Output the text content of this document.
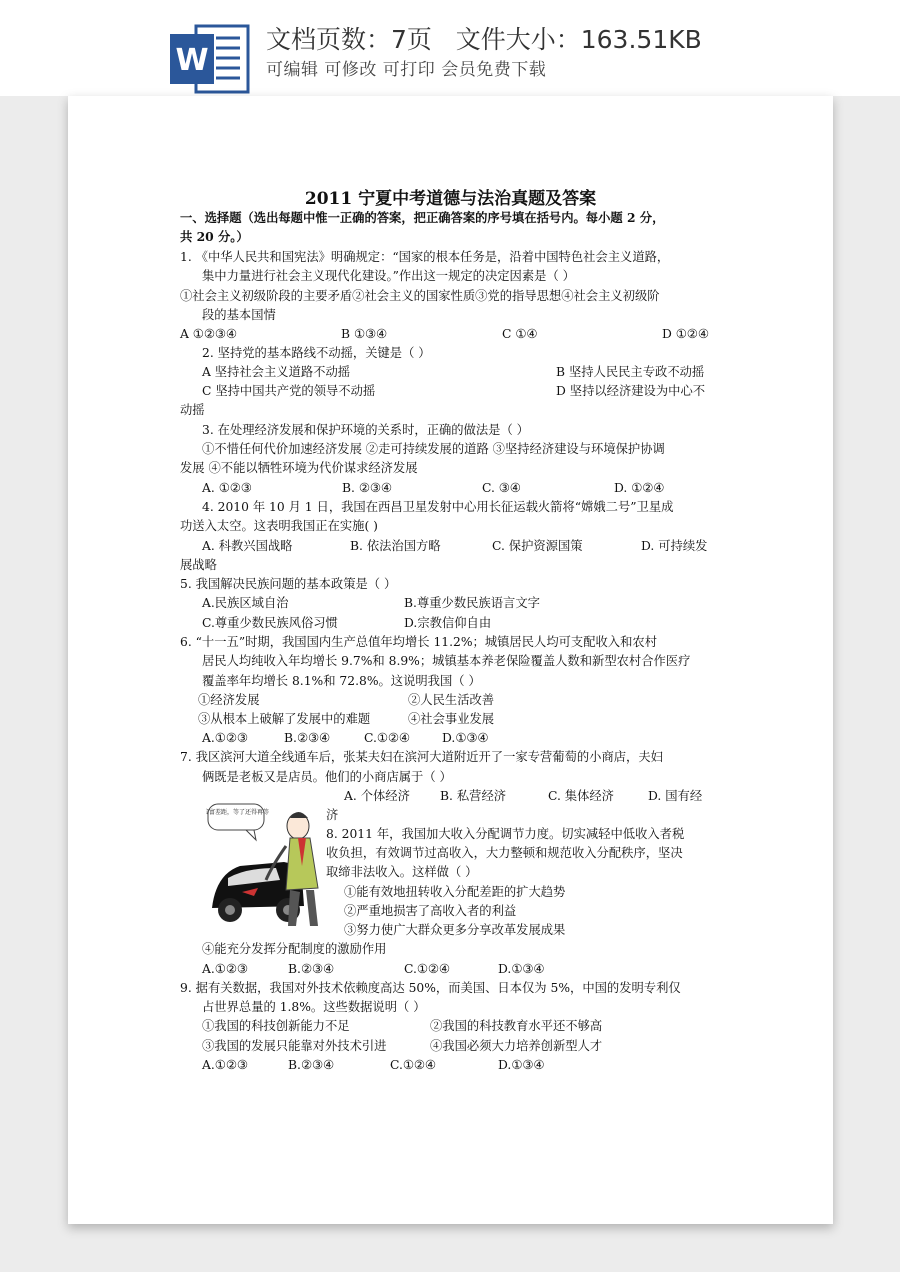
W
文档页数：7页   文件大小：163.51KB
可编辑 可修改 可打印 会员免费下载
2011 宁夏中考道德与法治真题及答案
一、选择题（选出每题中惟一正确的答案，把正确答案的序号填在括号内。每小题 2 分，
共 20 分。）
1. 《中华人民共和国宪法》明确规定：“国家的根本任务是，沿着中国特色社会主义道路，
集中力量进行社会主义现代化建设。”作出这一规定的决定因素是（ ）
①社会主义初级阶段的主要矛盾②社会主义的国家性质③党的指导思想④社会主义初级阶
段的基本国情
A ①②③④	B ①③④	C ①④	D ①②④
2. 坚持党的基本路线不动摇，关键是（ ）
A 坚持社会主义道路不动摇	B 坚持人民民主专政不动摇
C 坚持中国共产党的领导不动摇	D 坚持以经济建设为中心不
动摇
3. 在处理经济发展和保护环境的关系时，正确的做法是（ ）
①不惜任何代价加速经济发展 ②走可持续发展的道路 ③坚持经济建设与环境保护协调
发展 ④不能以牺牲环境为代价谋求经济发展
A. ①②③	B. ②③④	C. ③④	D. ①②④
4. 2010 年 10 月 1 日，我国在西昌卫星发射中心用长征运载火箭将“嫦娥二号”卫星成
功送入太空。这表明我国正在实施( )
A. 科教兴国战略	B. 依法治国方略	C. 保护资源国策	D. 可持续发
展战略
5. 我国解决民族问题的基本政策是（ ）
A.民族区域自治	B.尊重少数民族语言文字
C.尊重少数民族风俗习惯	D.宗教信仰自由
6. “十一五”时期，我国国内生产总值年均增长 11.2%；城镇居民人均可支配收入和农村
居民人均纯收入年均增长 9.7%和 8.9%；城镇基本养老保险覆盖人数和新型农村合作医疗
覆盖率年均增长 8.1%和 72.8%。这说明我国（ ）
①经济发展	②人民生活改善
③从根本上破解了发展中的难题	④社会事业发展
A.①②③	B.②③④	C.①②④	D.①③④
7. 我区滨河大道全线通车后，张某夫妇在滨河大道附近开了一家专营葡萄的小商店，夫妇
俩既是老板又是店员。他们的小商店属于（ ）
A. 个体经济 B. 私营经济	C. 集体经济	D. 国有经
济
贫富差距，等了还得再等
8. 2011 年，我国加大收入分配调节力度。切实减轻中低收入者税
收负担，有效调节过高收入，大力整顿和规范收入分配秩序，坚决
取缔非法收入。这样做（ ）
①能有效地扭转收入分配差距的扩大趋势
②严重地损害了高收入者的利益
③努力使广大群众更多分享改革发展成果
④能充分发挥分配制度的激励作用
A.①②③	B.②③④	C.①②④	D.①③④
9. 据有关数据，我国对外技术依赖度高达 50%，而美国、日本仅为 5%，中国的发明专利仅
占世界总量的 1.8%。这些数据说明（ ）
①我国的科技创新能力不足	②我国的科技教育水平还不够高
③我国的发展只能靠对外技术引进	④我国必须大力培养创新型人才
A.①②③	B.②③④	C.①②④	D.①③④
